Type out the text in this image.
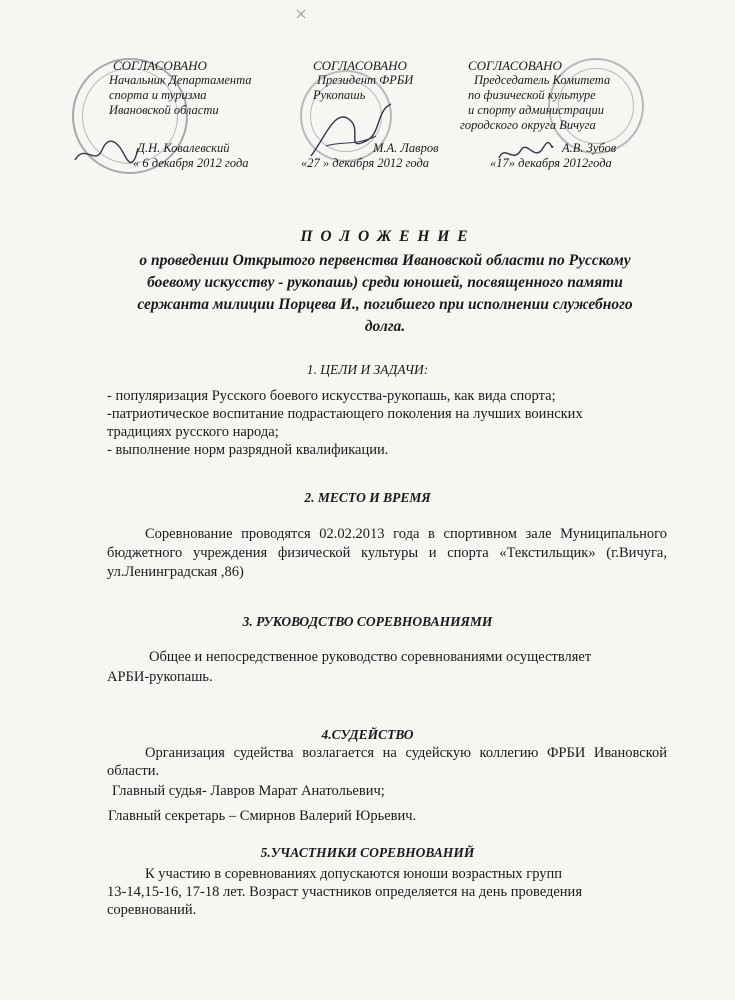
СОГЛАСОВАНО
Начальник Департамента
спорта и туризма
Ивановской области
Д.Н. Ковалевский
« 6 декабря 2012 года
СОГЛАСОВАНО
Президент ФРБИ
Рукопашь
М.А. Лавров
«27 » декабря 2012 года
СОГЛАСОВАНО
Председатель Комитета
по физической культуре
и спорту администрации
городского округа Вичуга
А.В. Зубов
«17» декабря 2012года
П О Л О Ж Е Н И Е
о проведении Открытого первенства Ивановской области по Русскому
боевому искусству - рукопашь) среди юношей, посвященного памяти
сержанта милиции Порцева И., погибшего при исполнении служебного
долга.
1. ЦЕЛИ И ЗАДАЧИ:
- популяризация Русского боевого искусства-рукопашь, как вида спорта;
-патриотическое воспитание подрастающего поколения на лучших воинских
традициях русского народа;
- выполнение норм разрядной квалификации.
2. МЕСТО И ВРЕМЯ
Соревнование проводятся 02.02.2013 года в спортивном зале Муниципального бюджетного учреждения физической культуры и спорта «Текстильщик» (г.Вичуга, ул.Ленинградская ,86)
3. РУКОВОДСТВО СОРЕВНОВАНИЯМИ
Общее и непосредственное руководство соревнованиями осуществляет
АРБИ-рукопашь.
4.СУДЕЙСТВО
Организация судейства возлагается на судейскую коллегию ФРБИ Ивановской области.
Главный судья- Лавров Марат Анатольевич;
Главный секретарь – Смирнов Валерий Юрьевич.
5.УЧАСТНИКИ СОРЕВНОВАНИЙ
К участию в соревнованиях допускаются юноши возрастных групп
13-14,15-16, 17-18 лет. Возраст участников определяется на день проведения
соревнований.
